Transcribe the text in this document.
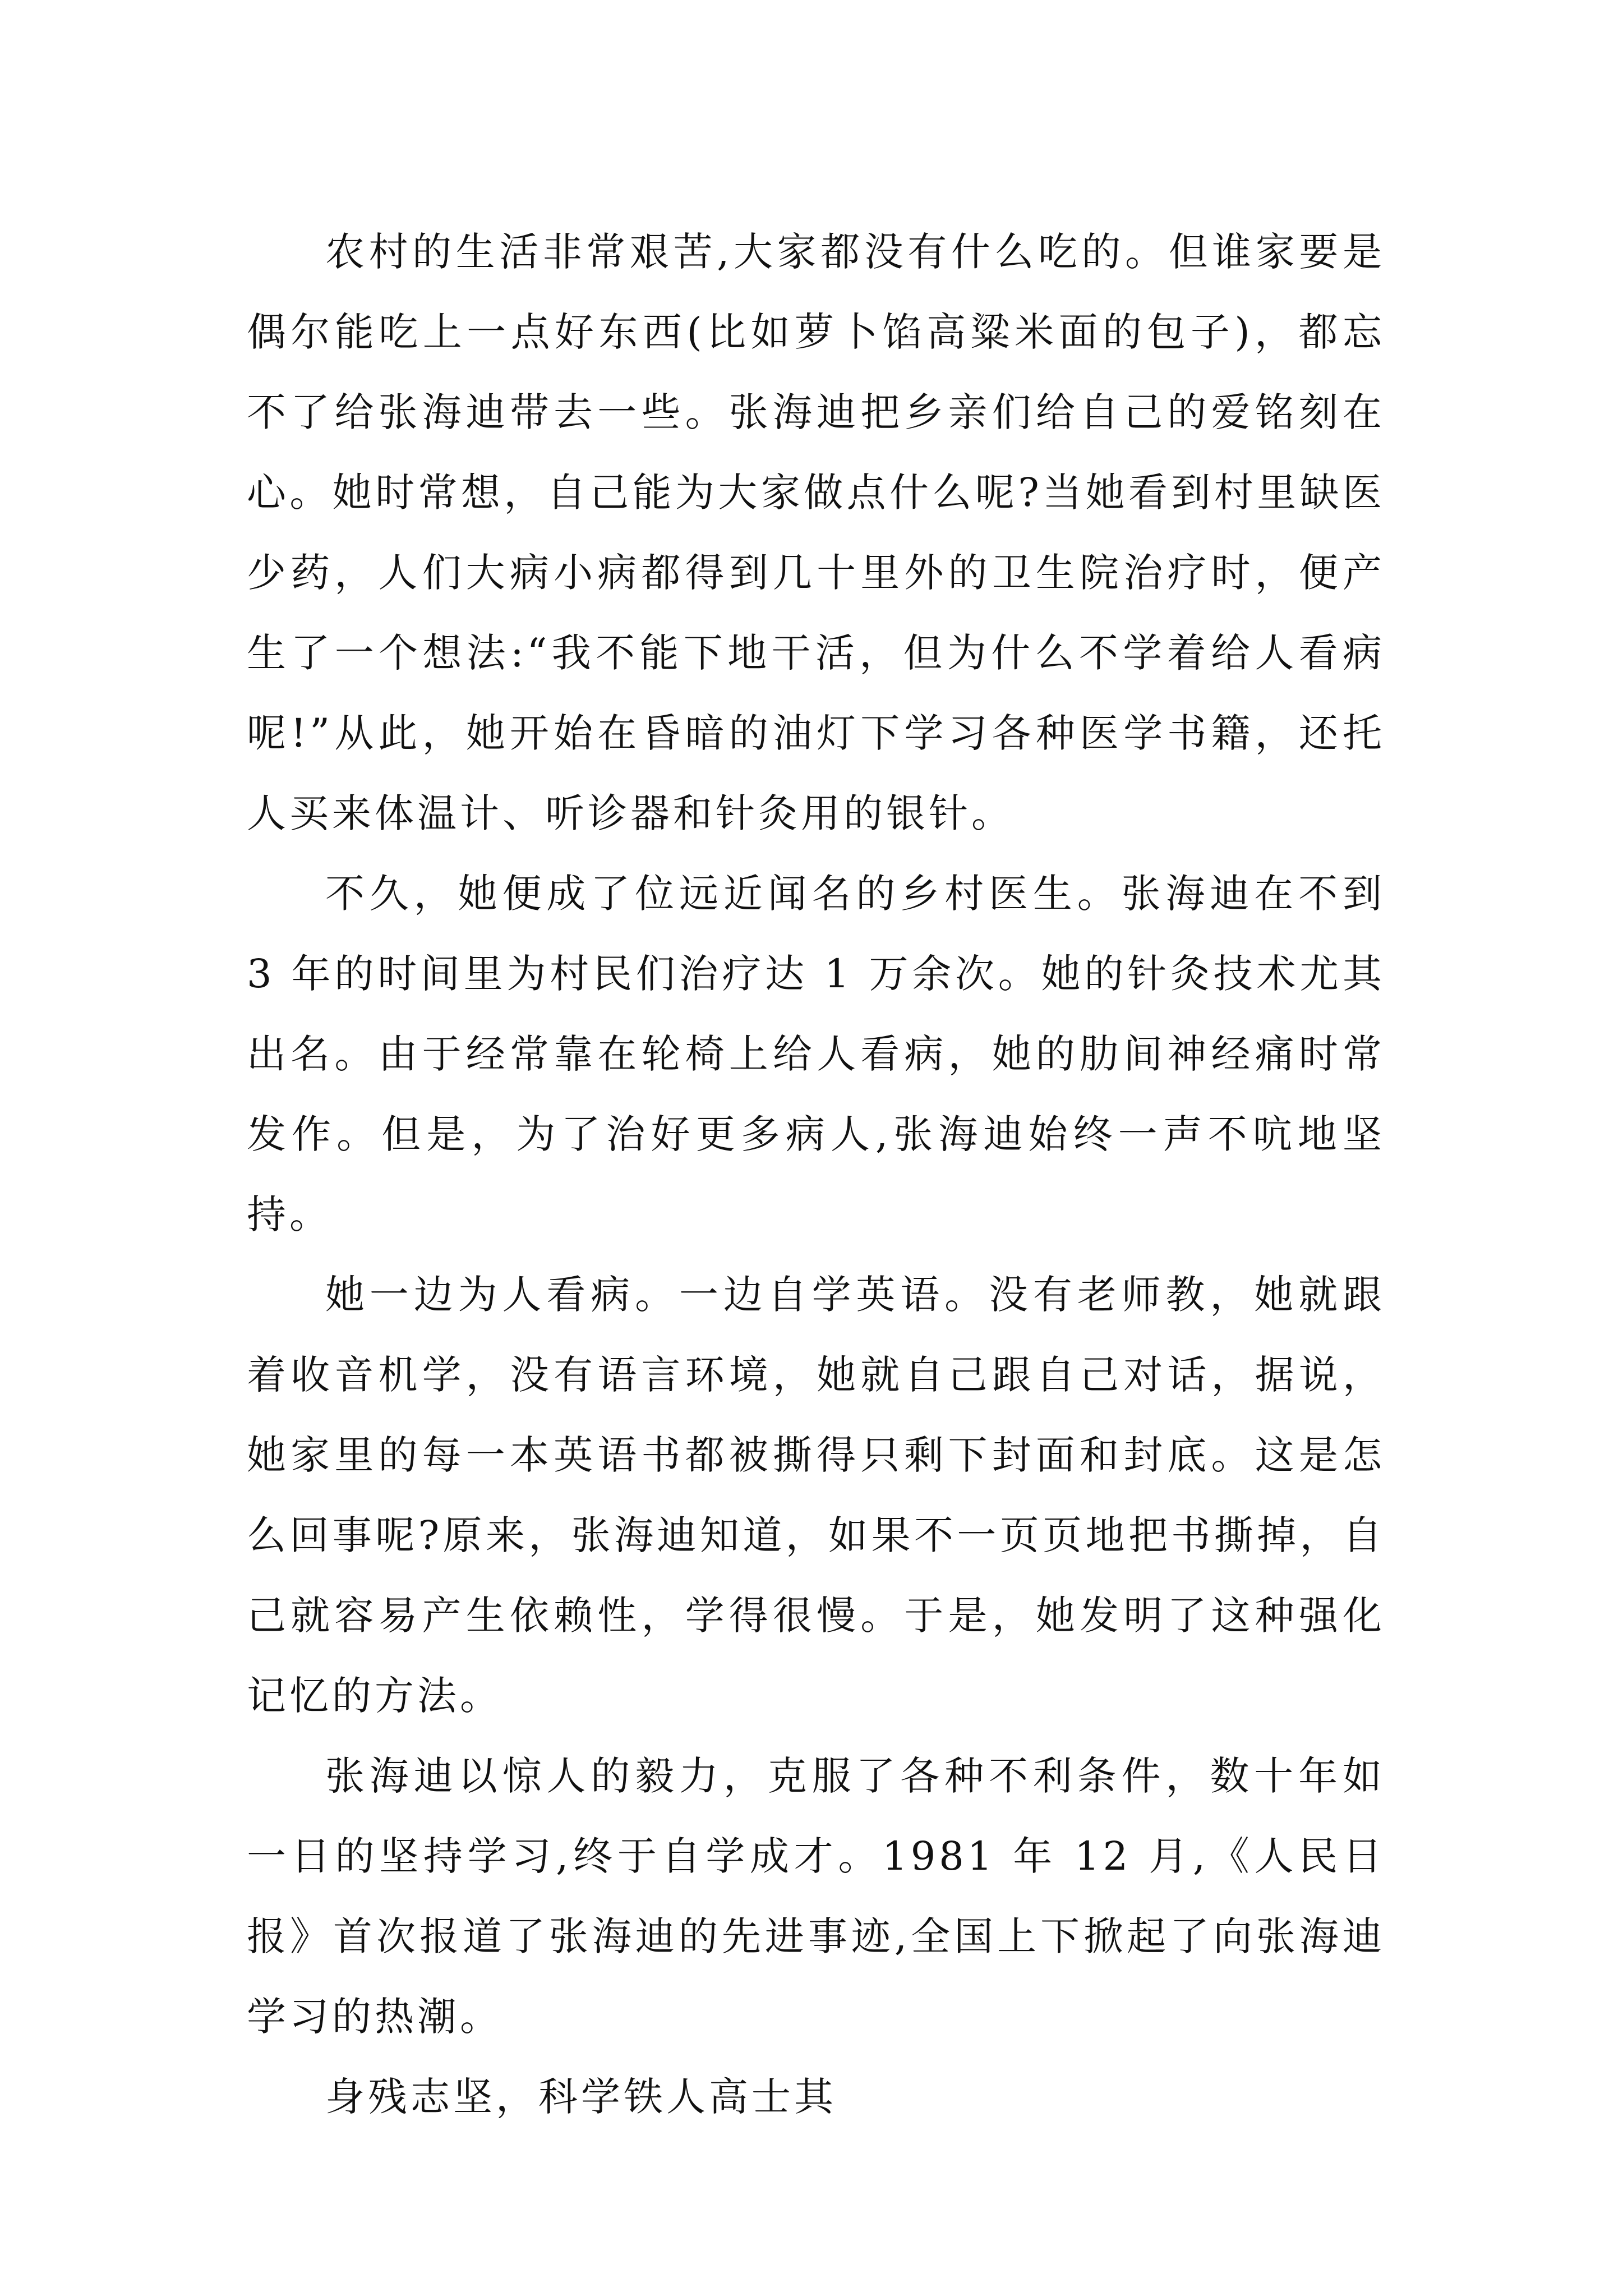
农村的生活非常艰苦,大家都没有什么吃的。但谁家要是偶尔能吃上一点好东西(比如萝卜馅高粱米面的包子)，都忘不了给张海迪带去一些。张海迪把乡亲们给自己的爱铭刻在心。她时常想，自己能为大家做点什么呢?当她看到村里缺医少药，人们大病小病都得到几十里外的卫生院治疗时，便产生了一个想法:“我不能下地干活，但为什么不学着给人看病呢!”从此，她开始在昏暗的油灯下学习各种医学书籍，还托人买来体温计、听诊器和针灸用的银针。

不久，她便成了位远近闻名的乡村医生。张海迪在不到 3 年的时间里为村民们治疗达 1 万余次。她的针灸技术尤其出名。由于经常靠在轮椅上给人看病，她的肋间神经痛时常发作。但是，为了治好更多病人,张海迪始终一声不吭地坚持。

她一边为人看病。一边自学英语。没有老师教，她就跟着收音机学，没有语言环境，她就自己跟自己对话，据说，她家里的每一本英语书都被撕得只剩下封面和封底。这是怎么回事呢?原来，张海迪知道，如果不一页页地把书撕掉，自己就容易产生依赖性，学得很慢。于是，她发明了这种强化记忆的方法。

张海迪以惊人的毅力，克服了各种不利条件，数十年如一日的坚持学习,终于自学成才。1981 年 12 月,《人民日报》首次报道了张海迪的先进事迹,全国上下掀起了向张海迪学习的热潮。

身残志坚，科学铁人高士其
